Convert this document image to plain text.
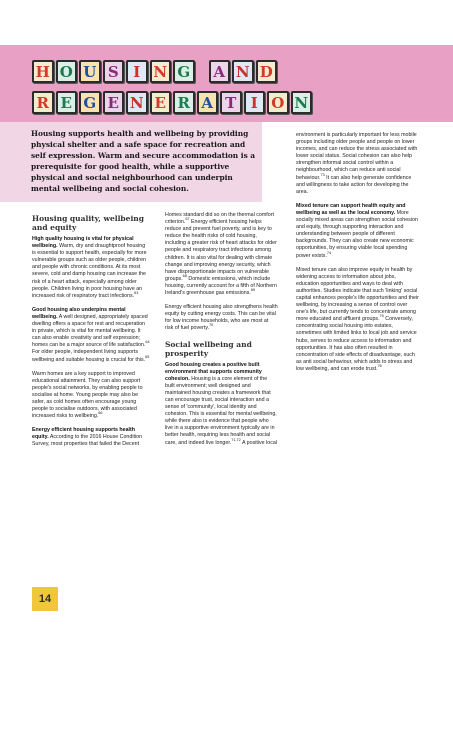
H O U S I N G	A N D
R E G E N E R A T I O N

Housing supports health and wellbeing by providing physical shelter and a safe space for recreation and self expression. Warm and secure accommodation is a prerequisite for good health, while a supportive physical and social neighbourhood can underpin mental wellbeing and social cohesion.

Housing quality, wellbeing and equity

High quality housing is vital for physical wellbeing. Warm, dry and draughtproof housing is essential to support health, especially for more vulnerable groups such as older people, children and people with chronic conditions. At its most severe, cold and damp housing can increase the risk of a heart attack, especially among older people. Children living in poor housing have an increased risk of respiratory tract infections.$^{63}$

Good housing also underpins mental wellbeing. A well designed, appropriately spaced dwelling offers a space for rest and recuperation in private, which is vital for mental wellbeing. It can also enable creativity and self expression; homes can be a major source of life satisfaction.$^{64}$ For older people, independent living supports wellbeing and suitable housing is crucial for this.$^{65}$

Warm homes are a key support to improved educational attainment. They can also support people's social networks, by enabling people to socialise at home. Young people may also be safer, as cold homes often encourage young people to socialise outdoors, with associated increased risks to wellbeing.$^{66}$

Energy efficient housing supports health equity. According to the 2016 House Condition Survey, most properties that failed the Decent

Homes standard did so on the thermal comfort criterion.$^{67}$ Energy efficient housing helps reduce and prevent fuel poverty, and is key to reduce the health risks of cold housing, including a greater risk of heart attacks for older people and respiratory tract infections among children. It is also vital for dealing with climate change and improving energy security, which have disproportionate impacts on vulnerable groups.$^{68}$ Domestic emissions, which include housing, currently account for a fifth of Northern Ireland's greenhouse gas emissions.$^{69}$

Energy efficient housing also strengthens health equity by cutting energy costs. This can be vital for low income households, who are most at risk of fuel poverty.$^{70}$

Social wellbeing and prosperity

Good housing creates a positive built environment that supports community cohesion. Housing is a core element of the built environment; well designed and maintained housing creates a framework that can encourage trust, social interaction and a sense of 'community', local identity and cohesion. This is essential for mental wellbeing, while there also is evidence that people who live in a supportive environment typically are in better health, requiring less health and social care, and indeed live longer.$^{71,72}$ A positive local

environment is particularly important for less mobile groups including older people and people on lower incomes, and can reduce the stress associated with lower social status. Social cohesion can also help strengthen informal social control within a neighbourhood, which can reduce anti social behaviour.$^{73}$ It can also help generate confidence and willingness to take action for developing the area.

Mixed tenure can support health equity and wellbeing as well as the local economy. More socially mixed areas can strengthen social cohesion and equity, through supporting interaction and understanding between people of different backgrounds. They can also create new economic opportunities, by ensuring viable local spending power exists.$^{74}$

Mixed tenure can also improve equity in health by widening access to information about jobs, education opportunities and ways to deal with authorities. Studies indicate that such 'linking' social capital enhances people's life opportunities and their wellbeing, by increasing a sense of control over one's life, but currently tends to concentrate among more educated and affluent groups.$^{75}$ Conversely, concentrating social housing into estates, sometimes with limited links to local job and service hubs, serves to reduce access to information and opportunities. It has also often resulted in concentration of side effects of disadvantage, such as anti social behaviour, which adds to stress and low wellbeing, and can erode trust.$^{76}$

14
